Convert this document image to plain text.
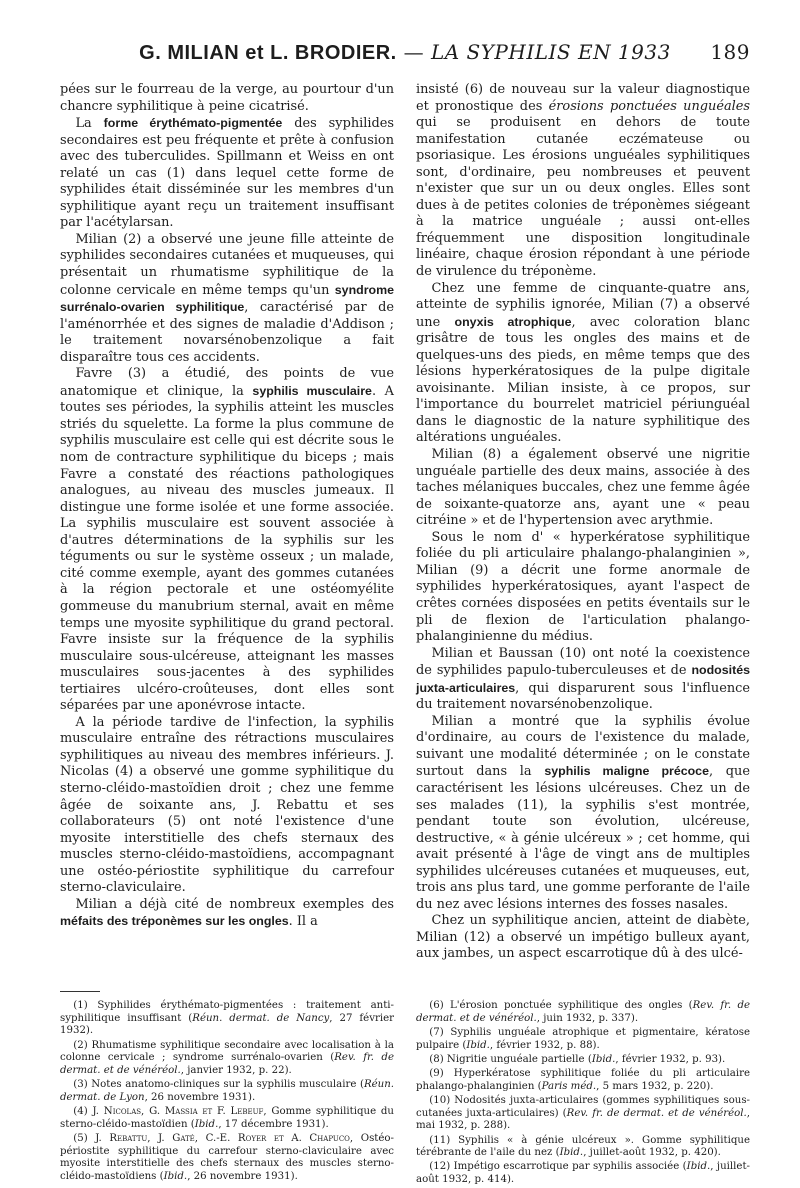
G. MILIAN et L. BRODIER. — LA SYPHILIS EN 1933 189

pées sur le fourreau de la verge, au pourtour d'un chancre syphilitique à peine cicatrisé.

La forme érythémato-pigmentée des syphilides secondaires est peu fréquente et prête à confusion avec des tuberculides. Spillmann et Weiss en ont relaté un cas (1) dans lequel cette forme de syphilides était disséminée sur les membres d'un syphilitique ayant reçu un traitement insuffisant par l'acétylarsan.

Milian (2) a observé une jeune fille atteinte de syphilides secondaires cutanées et muqueuses, qui présentait un rhumatisme syphilitique de la colonne cervicale en même temps qu'un syndrome surrénalo-ovarien syphilitique, caractérisé par de l'aménorrhée et des signes de maladie d'Addison ; le traitement novarsénobenzolique a fait disparaître tous ces accidents.

Favre (3) a étudié, des points de vue anatomique et clinique, la syphilis musculaire. A toutes ses périodes, la syphilis atteint les muscles striés du squelette. La forme la plus commune de syphilis musculaire est celle qui est décrite sous le nom de contracture syphilitique du biceps ; mais Favre a constaté des réactions pathologiques analogues, au niveau des muscles jumeaux. Il distingue une forme isolée et une forme associée. La syphilis musculaire est souvent associée à d'autres déterminations de la syphilis sur les téguments ou sur le système osseux ; un malade, cité comme exemple, ayant des gommes cutanées à la région pectorale et une ostéomyélite gommeuse du manubrium sternal, avait en même temps une myosite syphilitique du grand pectoral. Favre insiste sur la fréquence de la syphilis musculaire sous-ulcéreuse, atteignant les masses musculaires sous-jacentes à des syphilides tertiaires ulcéro-croûteuses, dont elles sont séparées par une aponévrose intacte.

A la période tardive de l'infection, la syphilis musculaire entraîne des rétractions musculaires syphilitiques au niveau des membres inférieurs. J. Nicolas (4) a observé une gomme syphilitique du sterno-cléido-mastoïdien droit ; chez une femme âgée de soixante ans, J. Rebattu et ses collaborateurs (5) ont noté l'existence d'une myosite interstitielle des chefs sternaux des muscles sterno-cléido-mastoïdiens, accompagnant une ostéo-périostite syphilitique du carrefour sterno-claviculaire.

Milian a déjà cité de nombreux exemples des méfaits des tréponèmes sur les ongles. Il a

insisté (6) de nouveau sur la valeur diagnostique et pronostique des érosions ponctuées unguéales qui se produisent en dehors de toute manifestation cutanée eczémateuse ou psoriasique. Les érosions unguéales syphilitiques sont, d'ordinaire, peu nombreuses et peuvent n'exister que sur un ou deux ongles. Elles sont dues à de petites colonies de tréponèmes siégeant à la matrice unguéale ; aussi ont-elles fréquemment une disposition longitudinale linéaire, chaque érosion répondant à une période de virulence du tréponème.

Chez une femme de cinquante-quatre ans, atteinte de syphilis ignorée, Milian (7) a observé une onyxis atrophique, avec coloration blanc grisâtre de tous les ongles des mains et de quelques-uns des pieds, en même temps que des lésions hyperkératosiques de la pulpe digitale avoisinante. Milian insiste, à ce propos, sur l'importance du bourrelet matriciel périunguéal dans le diagnostic de la nature syphilitique des altérations unguéales.

Milian (8) a également observé une nigritie unguéale partielle des deux mains, associée à des taches mélaniques buccales, chez une femme âgée de soixante-quatorze ans, ayant une « peau citréine » et de l'hypertension avec arythmie.

Sous le nom d' « hyperkératose syphilitique foliée du pli articulaire phalango-phalanginien », Milian (9) a décrit une forme anormale de syphilides hyperkératosiques, ayant l'aspect de crêtes cornées disposées en petits éventails sur le pli de flexion de l'articulation phalango-phalanginienne du médius.

Milian et Baussan (10) ont noté la coexistence de syphilides papulo-tuberculeuses et de nodosités juxta-articulaires, qui disparurent sous l'influence du traitement novarsénobenzolique.

Milian a montré que la syphilis évolue d'ordinaire, au cours de l'existence du malade, suivant une modalité déterminée ; on le constate surtout dans la syphilis maligne précoce, que caractérisent les lésions ulcéreuses. Chez un de ses malades (11), la syphilis s'est montrée, pendant toute son évolution, ulcéreuse, destructive, « à génie ulcéreux » ; cet homme, qui avait présenté à l'âge de vingt ans de multiples syphilides ulcéreuses cutanées et muqueuses, eut, trois ans plus tard, une gomme perforante de l'aile du nez avec lésions internes des fosses nasales.

Chez un syphilitique ancien, atteint de diabète, Milian (12) a observé un impétigo bulleux ayant, aux jambes, un aspect escarrotique dû à des ulcé-

(1) Syphilides érythémato-pigmentées : traitement anti-syphilitique insuffisant (Réun. dermat. de Nancy, 27 février 1932).

(2) Rhumatisme syphilitique secondaire avec localisation à la colonne cervicale ; syndrome surrénalo-ovarien (Rev. fr. de dermat. et de vénéréol., janvier 1932, p. 22).

(3) Notes anatomo-cliniques sur la syphilis musculaire (Réun. dermat. de Lyon, 26 novembre 1931).

(4) J. Nicolas, G. Massia et F. Lebeuf, Gomme syphilitique du sterno-cléido-mastoïdien (Ibid., 17 décembre 1931).

(5) J. Rebattu, J. Gaté, C.-E. Royer et A. Chapuco, Ostéo-périostite syphilitique du carrefour sterno-claviculaire avec myosite interstitielle des chefs sternaux des muscles sterno-cléido-mastoïdiens (Ibid., 26 novembre 1931).

(6) L'érosion ponctuée syphilitique des ongles (Rev. fr. de dermat. et de vénéréol., juin 1932, p. 337).

(7) Syphilis unguéale atrophique et pigmentaire, kératose pulpaire (Ibid., février 1932, p. 88).

(8) Nigritie unguéale partielle (Ibid., février 1932, p. 93).

(9) Hyperkératose syphilitique foliée du pli articulaire phalango-phalanginien (Paris méd., 5 mars 1932, p. 220).

(10) Nodosités juxta-articulaires (gommes syphilitiques sous-cutanées juxta-articulaires) (Rev. fr. de dermat. et de vénéréol., mai 1932, p. 288).

(11) Syphilis « à génie ulcéreux ». Gomme syphilitique térébrante de l'aile du nez (Ibid., juillet-août 1932, p. 420).

(12) Impétigo escarrotique par syphilis associée (Ibid., juillet-août 1932, p. 414).
